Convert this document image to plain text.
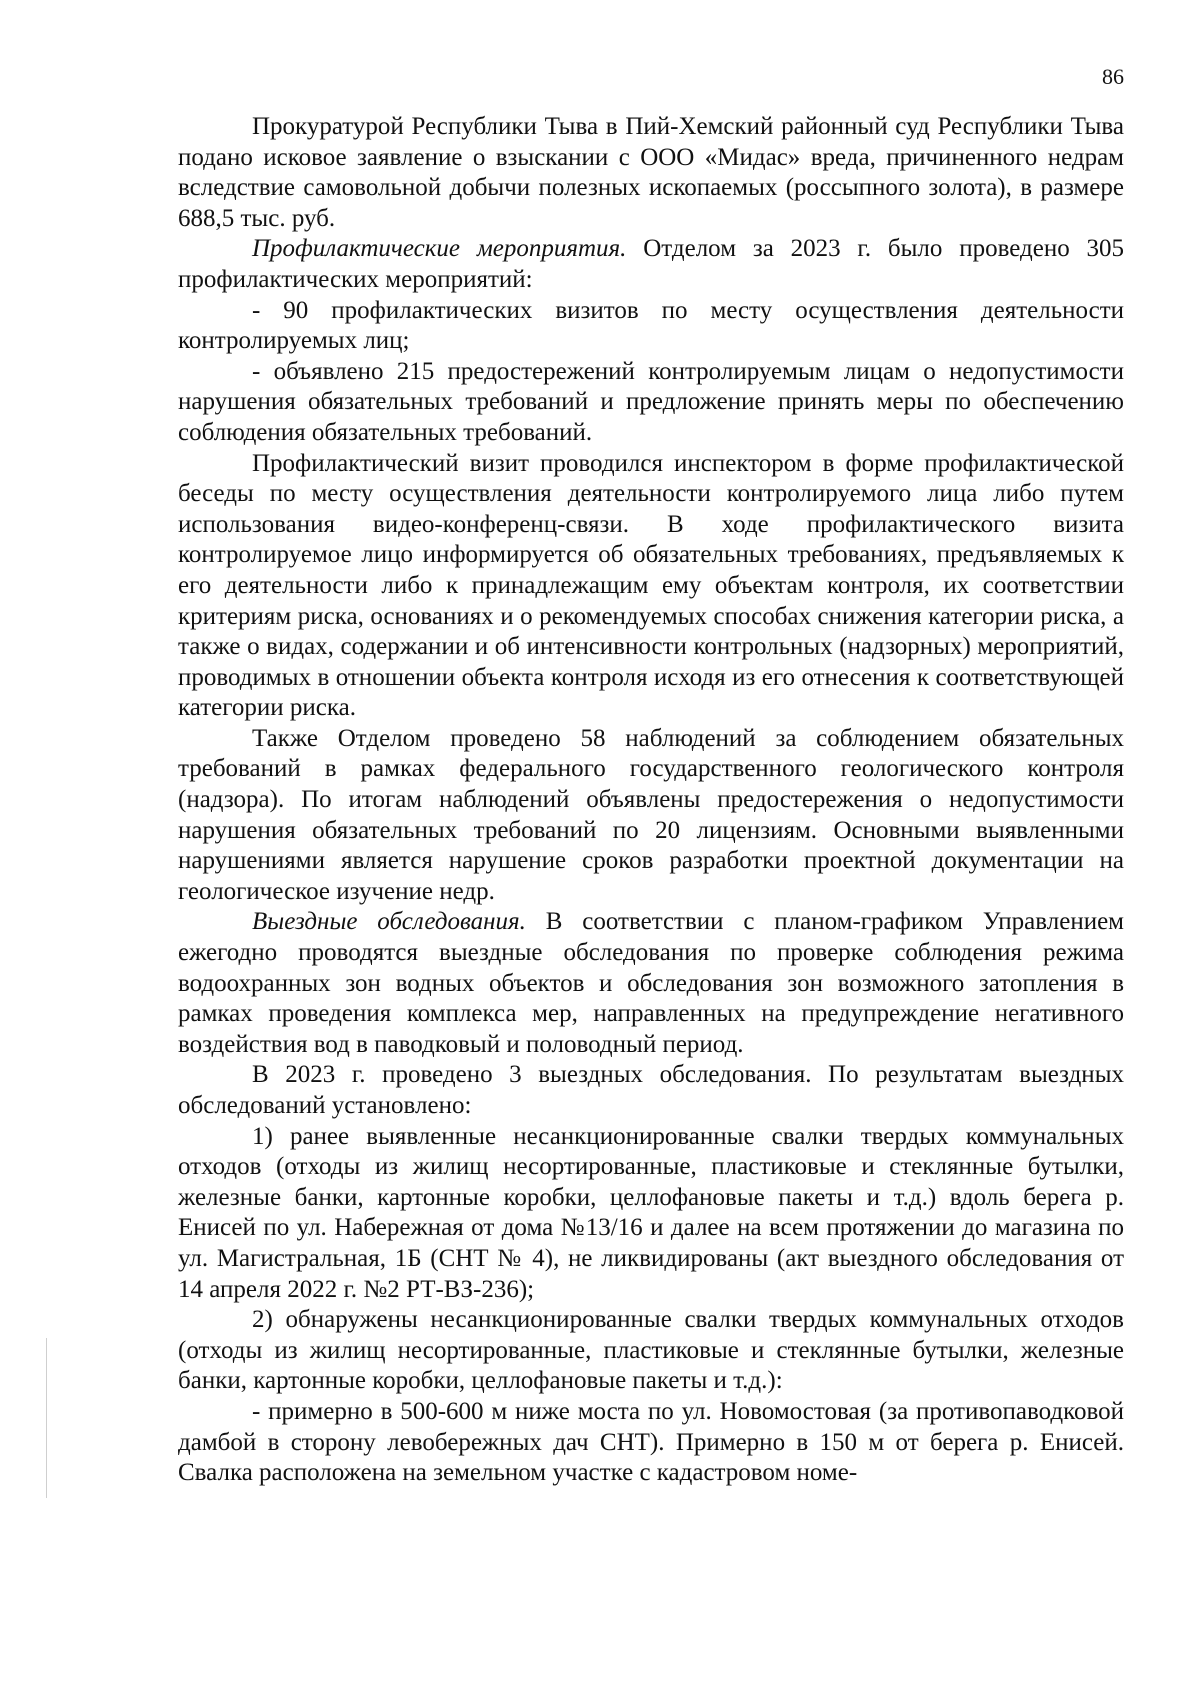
86

Прокуратурой Республики Тыва в Пий-Хемский районный суд Республики Тыва подано исковое заявление о взыскании с ООО «Мидас» вреда, причиненного недрам вследствие самовольной добычи полезных ископаемых (россыпного золота), в размере 688,5 тыс. руб.

Профилактические мероприятия. Отделом за 2023 г. было проведено 305 профилактических мероприятий:

- 90 профилактических визитов по месту осуществления деятельности контролируемых лиц;

- объявлено 215 предостережений контролируемым лицам о недопустимости нарушения обязательных требований и предложение принять меры по обеспечению соблюдения обязательных требований.

Профилактический визит проводился инспектором в форме профилактической беседы по месту осуществления деятельности контролируемого лица либо путем использования видео-конференц-связи. В ходе профилактического визита контролируемое лицо информируется об обязательных требованиях, предъявляемых к его деятельности либо к принадлежащим ему объектам контроля, их соответствии критериям риска, основаниях и о рекомендуемых способах снижения категории риска, а также о видах, содержании и об интенсивности контрольных (надзорных) мероприятий, проводимых в отношении объекта контроля исходя из его отнесения к соответствующей категории риска.

Также Отделом проведено 58 наблюдений за соблюдением обязательных требований в рамках федерального государственного геологического контроля (надзора). По итогам наблюдений объявлены предостережения о недопустимости нарушения обязательных требований по 20 лицензиям. Основными выявленными нарушениями является нарушение сроков разработки проектной документации на геологическое изучение недр.

Выездные обследования. В соответствии с планом-графиком Управлением ежегодно проводятся выездные обследования по проверке соблюдения режима водоохранных зон водных объектов и обследования зон возможного затопления в рамках проведения комплекса мер, направленных на предупреждение негативного воздействия вод в паводковый и половодный период.

В 2023 г. проведено 3 выездных обследования. По результатам выездных обследований установлено:

1) ранее выявленные несанкционированные свалки твердых коммунальных отходов (отходы из жилищ несортированные, пластиковые и стеклянные бутылки, железные банки, картонные коробки, целлофановые пакеты и т.д.) вдоль берега р. Енисей по ул. Набережная от дома №13/16 и далее на всем протяжении до магазина по ул. Магистральная, 1Б (СНТ № 4), не ликвидированы (акт выездного обследования от 14 апреля 2022 г. №2 РТ-ВЗ-236);

2) обнаружены несанкционированные свалки твердых коммунальных отходов (отходы из жилищ несортированные, пластиковые и стеклянные бутылки, железные банки, картонные коробки, целлофановые пакеты и т.д.):

- примерно в 500-600 м ниже моста по ул. Новомостовая (за противопаводковой дамбой в сторону левобережных дач СНТ). Примерно в 150 м от берега р. Енисей. Свалка расположена на земельном участке с кадастровом номе-
